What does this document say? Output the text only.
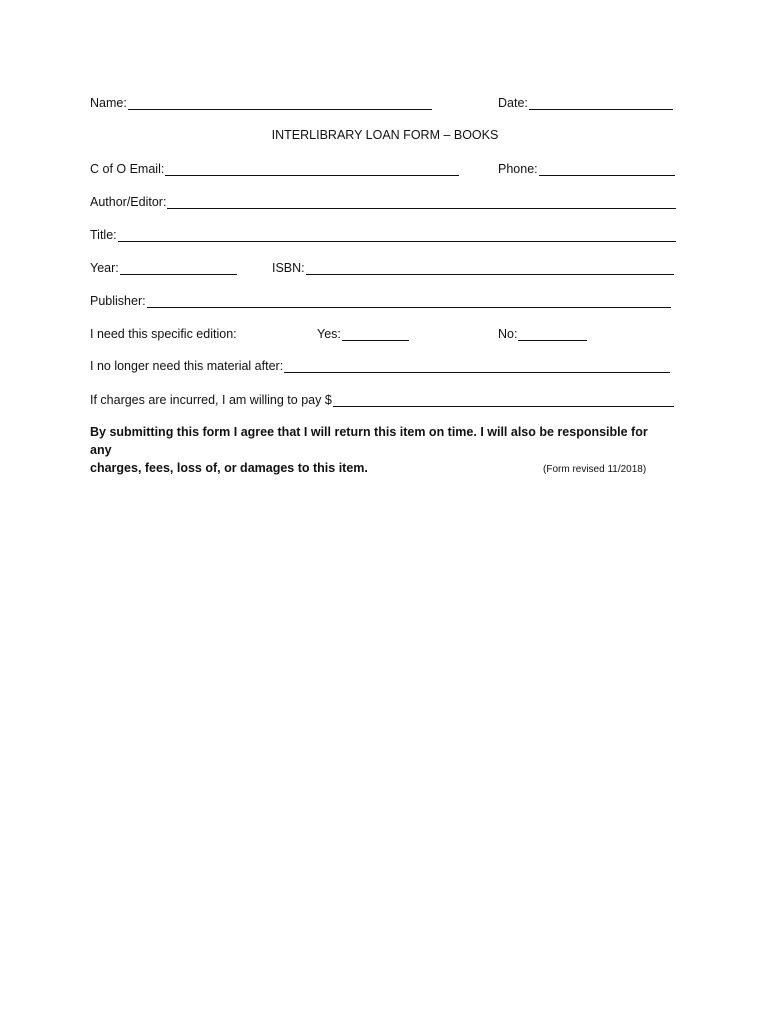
Name:	Date:
INTERLIBRARY LOAN FORM – BOOKS
C of O Email:	Phone:
Author/Editor:
Title:
Year:	ISBN:
Publisher:
I need this specific edition:	Yes:	No:
I no longer need this material after:
If charges are incurred, I am willing to pay $
By submitting this form I agree that I will return this item on time. I will also be responsible for any
charges, fees, loss of, or damages to this item.	(Form revised 11/2018)
